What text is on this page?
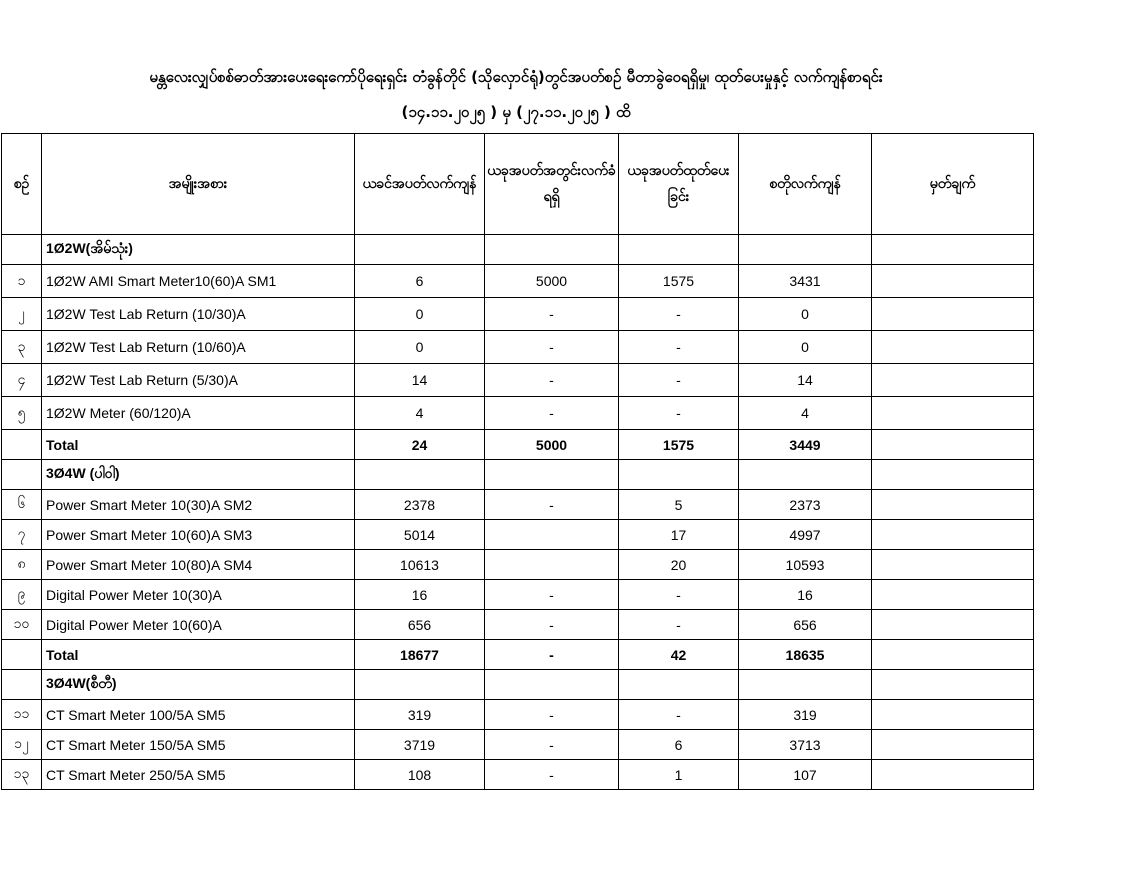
မန္တလေးလျှပ်စစ်ဓာတ်အားပေးရေးကော်ပိုရေးရှင်း တံခွန်တိုင် (သိုလှောင်ရုံ)တွင်အပတ်စဉ် မီတာခွဲဝေရရှိမှု၊ ထုတ်ပေးမှုနှင့် လက်ကျန်စာရင်း
(၁၄.၁၁.၂၀၂၅ ) မှ (၂၇.၁၁.၂၀၂၅ ) ထိ
စဉ်	အမျိုးအစား	ယခင်အပတ်လက်ကျန်	ယခုအပတ်အတွင်းလက်ခံရရှိ	ယခုအပတ်ထုတ်ပေးခြင်း	စတိုလက်ကျန်	မှတ်ချက်
	1Ø2W(အိမ်သုံး)					
၁	1Ø2W AMI Smart Meter10(60)A SM1	6	5000	1575	3431	
၂	1Ø2W Test Lab Return (10/30)A	0	-	-	0	
၃	1Ø2W Test Lab Return (10/60)A	0	-	-	0	
၄	1Ø2W Test Lab Return (5/30)A	14	-	-	14	
၅	1Ø2W Meter (60/120)A	4	-	-	4	
	Total	24	5000	1575	3449	
	3Ø4W (ပါဝါ)					
၆	Power Smart Meter 10(30)A SM2	2378	-	5	2373	
၇	Power Smart Meter 10(60)A SM3	5014		17	4997	
၈	Power Smart Meter 10(80)A SM4	10613		20	10593	
၉	Digital Power Meter 10(30)A	16	-	-	16	
၁၀	Digital Power Meter 10(60)A	656	-	-	656	
	Total	18677	-	42	18635	
	3Ø4W(စီတီ)					
၁၁	CT Smart Meter 100/5A SM5	319	-	-	319	
၁၂	CT Smart Meter 150/5A SM5	3719	-	6	3713	
၁၃	CT Smart Meter 250/5A SM5	108	-	1	107	
